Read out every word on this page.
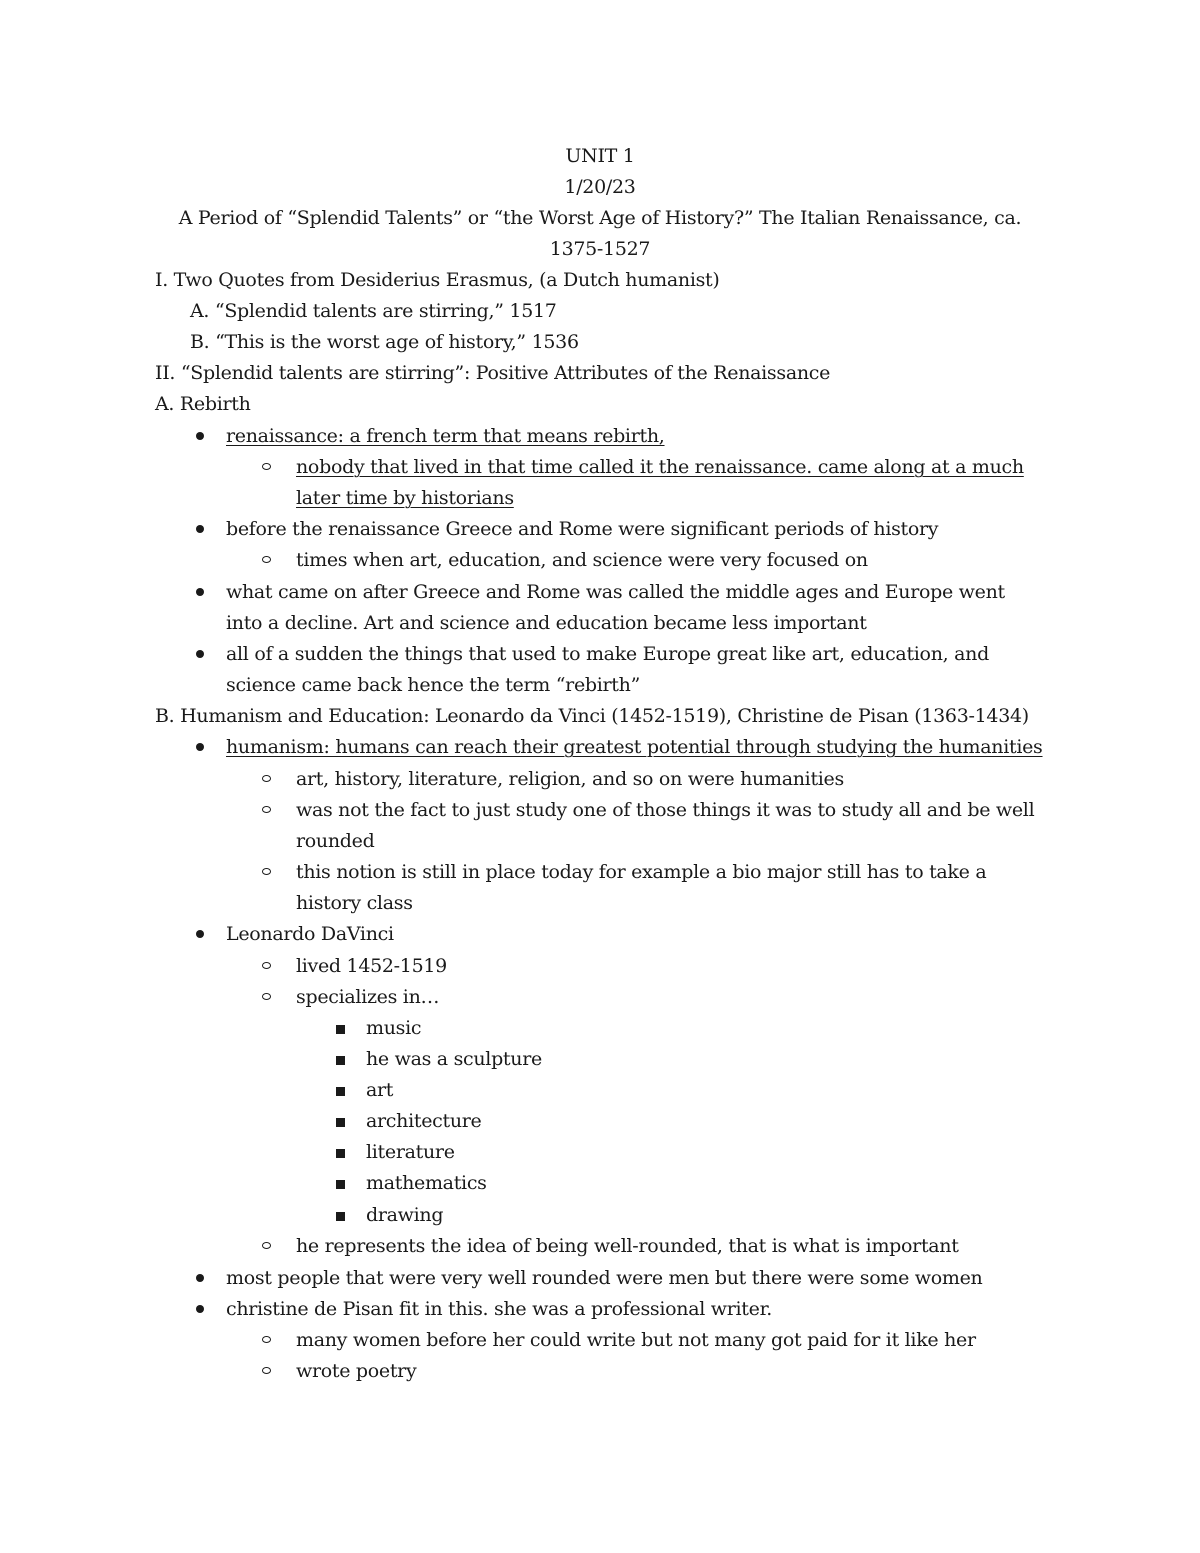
UNIT 1
1/20/23
A Period of “Splendid Talents” or “the Worst Age of History?” The Italian Renaissance, ca.
1375-1527
I. Two Quotes from Desiderius Erasmus, (a Dutch humanist)
A. “Splendid talents are stirring,” 1517
B. “This is the worst age of history,” 1536
II. “Splendid talents are stirring”: Positive Attributes of the Renaissance
A. Rebirth
renaissance: a french term that means rebirth,
nobody that lived in that time called it the renaissance. came along at a much
later time by historians
before the renaissance Greece and Rome were significant periods of history
times when art, education, and science were very focused on
what came on after Greece and Rome was called the middle ages and Europe went
into a decline. Art and science and education became less important
all of a sudden the things that used to make Europe great like art, education, and
science came back hence the term “rebirth”
B. Humanism and Education: Leonardo da Vinci (1452-1519), Christine de Pisan (1363-1434)
humanism: humans can reach their greatest potential through studying the humanities
art, history, literature, religion, and so on were humanities
was not the fact to just study one of those things it was to study all and be well
rounded
this notion is still in place today for example a bio major still has to take a
history class
Leonardo DaVinci
lived 1452-1519
specializes in…
music
he was a sculpture
art
architecture
literature
mathematics
drawing
he represents the idea of being well-rounded, that is what is important
most people that were very well rounded were men but there were some women
christine de Pisan fit in this. she was a professional writer.
many women before her could write but not many got paid for it like her
wrote poetry
